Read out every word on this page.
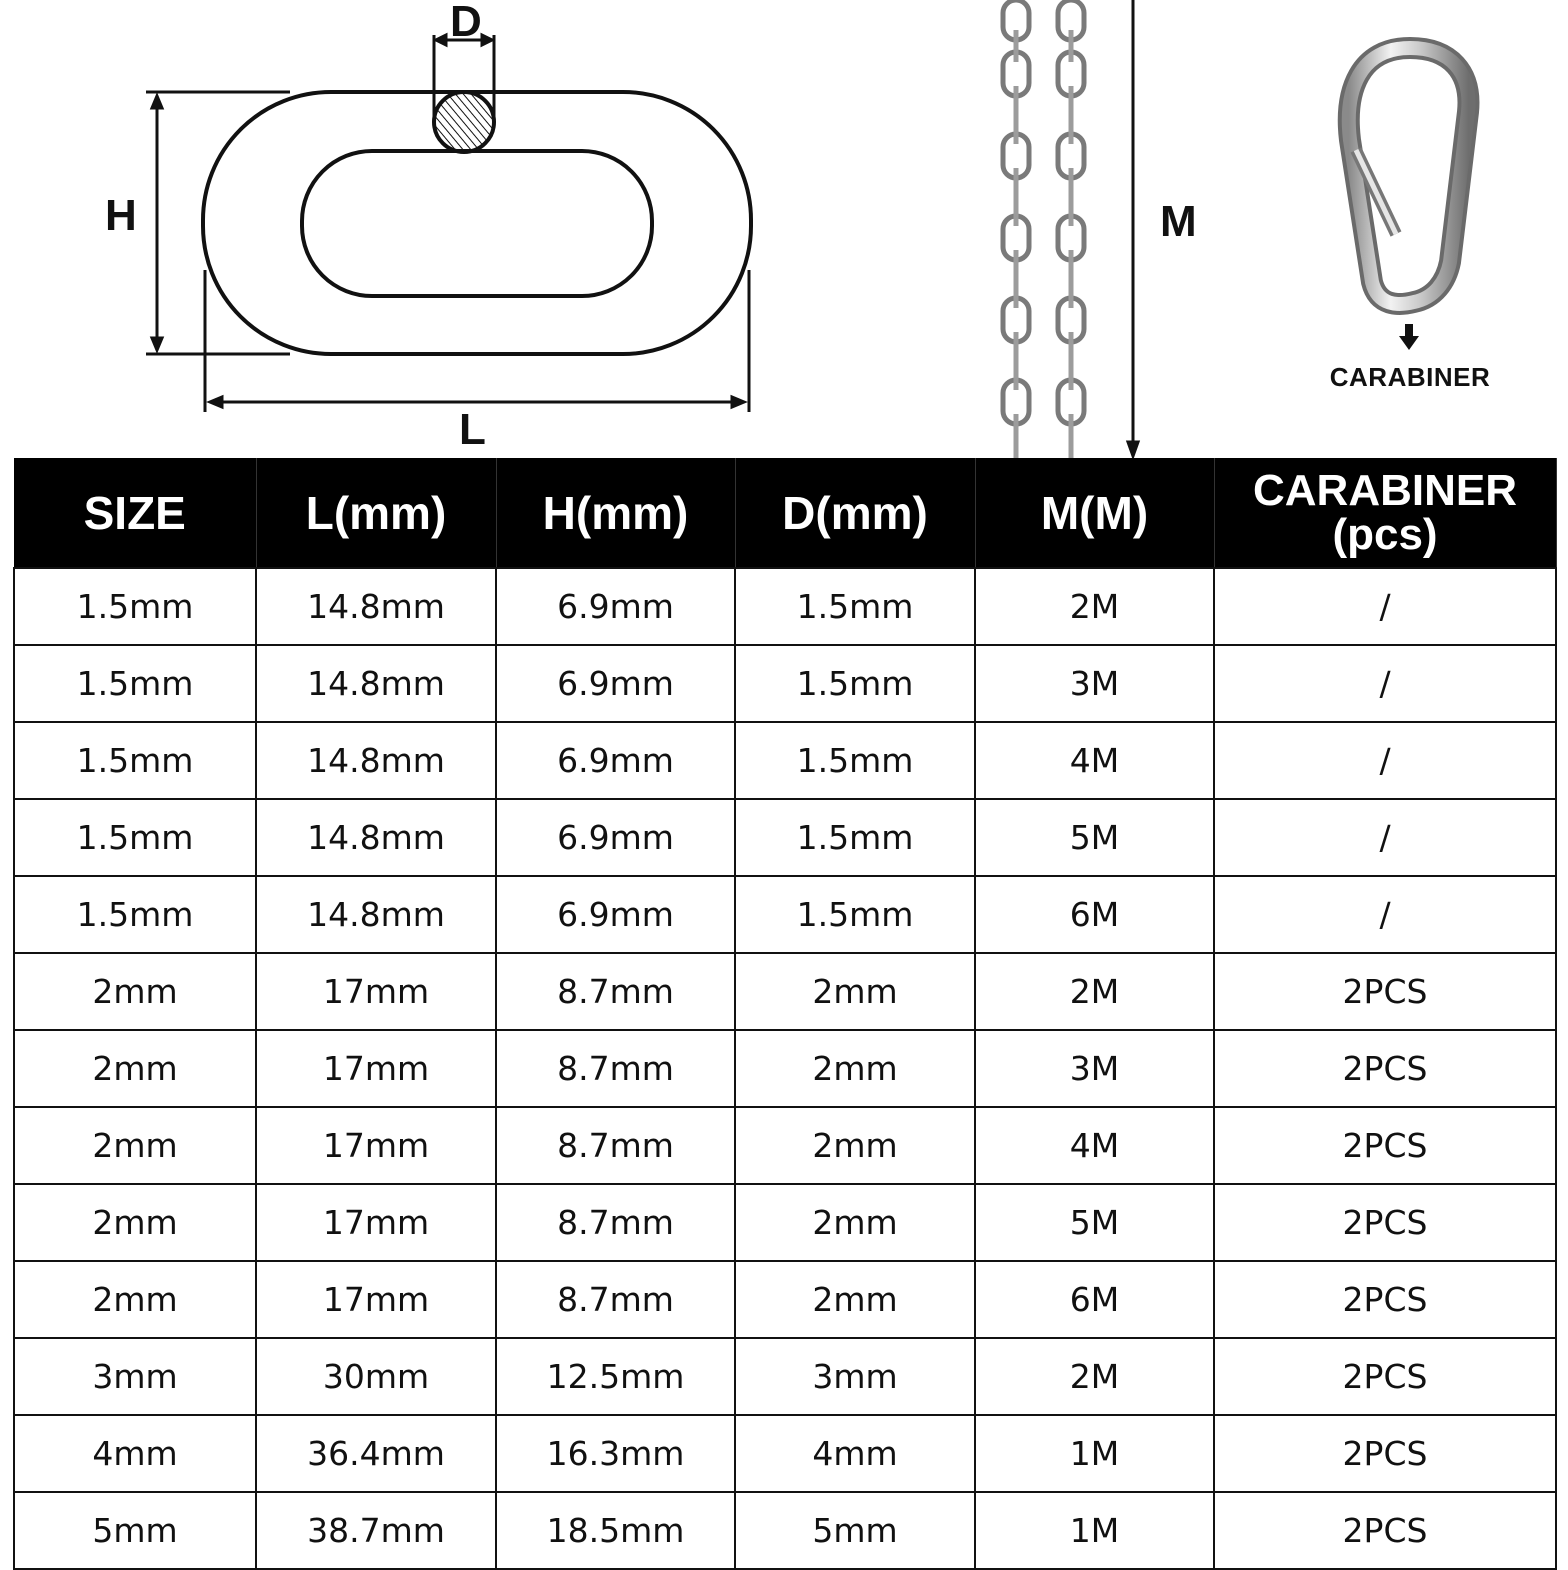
D
H
L
M
CARABINER
SIZE	L(mm)	H(mm)	D(mm)	M(M)	CARABINER
(pcs)
1.5mm	14.8mm	6.9mm	1.5mm	2M	/
1.5mm	14.8mm	6.9mm	1.5mm	3M	/
1.5mm	14.8mm	6.9mm	1.5mm	4M	/
1.5mm	14.8mm	6.9mm	1.5mm	5M	/
1.5mm	14.8mm	6.9mm	1.5mm	6M	/
2mm	17mm	8.7mm	2mm	2M	2PCS
2mm	17mm	8.7mm	2mm	3M	2PCS
2mm	17mm	8.7mm	2mm	4M	2PCS
2mm	17mm	8.7mm	2mm	5M	2PCS
2mm	17mm	8.7mm	2mm	6M	2PCS
3mm	30mm	12.5mm	3mm	2M	2PCS
4mm	36.4mm	16.3mm	4mm	1M	2PCS
5mm	38.7mm	18.5mm	5mm	1M	2PCS
